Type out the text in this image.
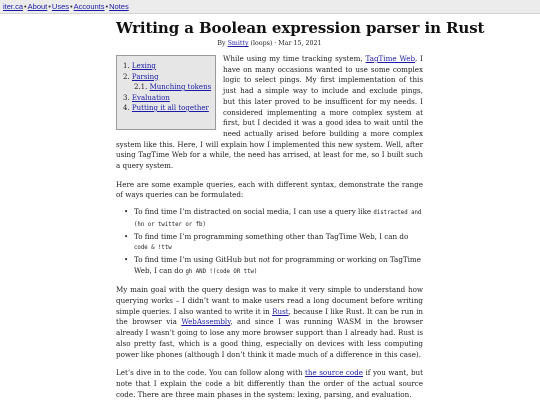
iter.ca•About•Uses•Accounts•Notes
Writing a Boolean expression parser in Rust
By Smitty (loops) · Mar 15, 2021
1. Lexing
2. Parsing
2.1. Munching tokens
3. Evaluation
4. Putting it all together

While using my time tracking system, TagTime Web, I have on many occasions wanted to use some complex logic to select pings. My first implementation of this just had a simple way to include and exclude pings, but this later proved to be insufficent for my needs. I considered implementing a more complex system at first, but I decided it was a good idea to wait until the need actually arised before building a more complex system like this. Here, I will explain how I implemented this new system. Well, after using TagTime Web for a while, the need has arrised, at least for me, so I built such a query system.

Here are some example queries, each with different syntax, demonstrate the range of ways queries can be formulated:

• To find time I’m distracted on social media, I can use a query like distracted and (hn or twitter or fb)
• To find time I’m programming something other than TagTime Web, I can do code & !ttw
• To find time I’m using GitHub but not for programming or working on TagTime Web, I can do gh AND !(code OR ttw)

My main goal with the query design was to make it very simple to understand how querying works – I didn’t want to make users read a long document before writing simple queries. I also wanted to write it in Rust, because I like Rust. It can be run in the browser via WebAssembly, and since I was running WASM in the browser already I wasn’t going to lose any more browser support than I already had. Rust is also pretty fast, which is a good thing, especially on devices with less computing power like phones (although I don’t think it made much of a difference in this case).

Let’s dive in to the code. You can follow along with the source code if you want, but note that I explain the code a bit differently than the order of the actual source code. There are three main phases in the system: lexing, parsing, and evaluation.
